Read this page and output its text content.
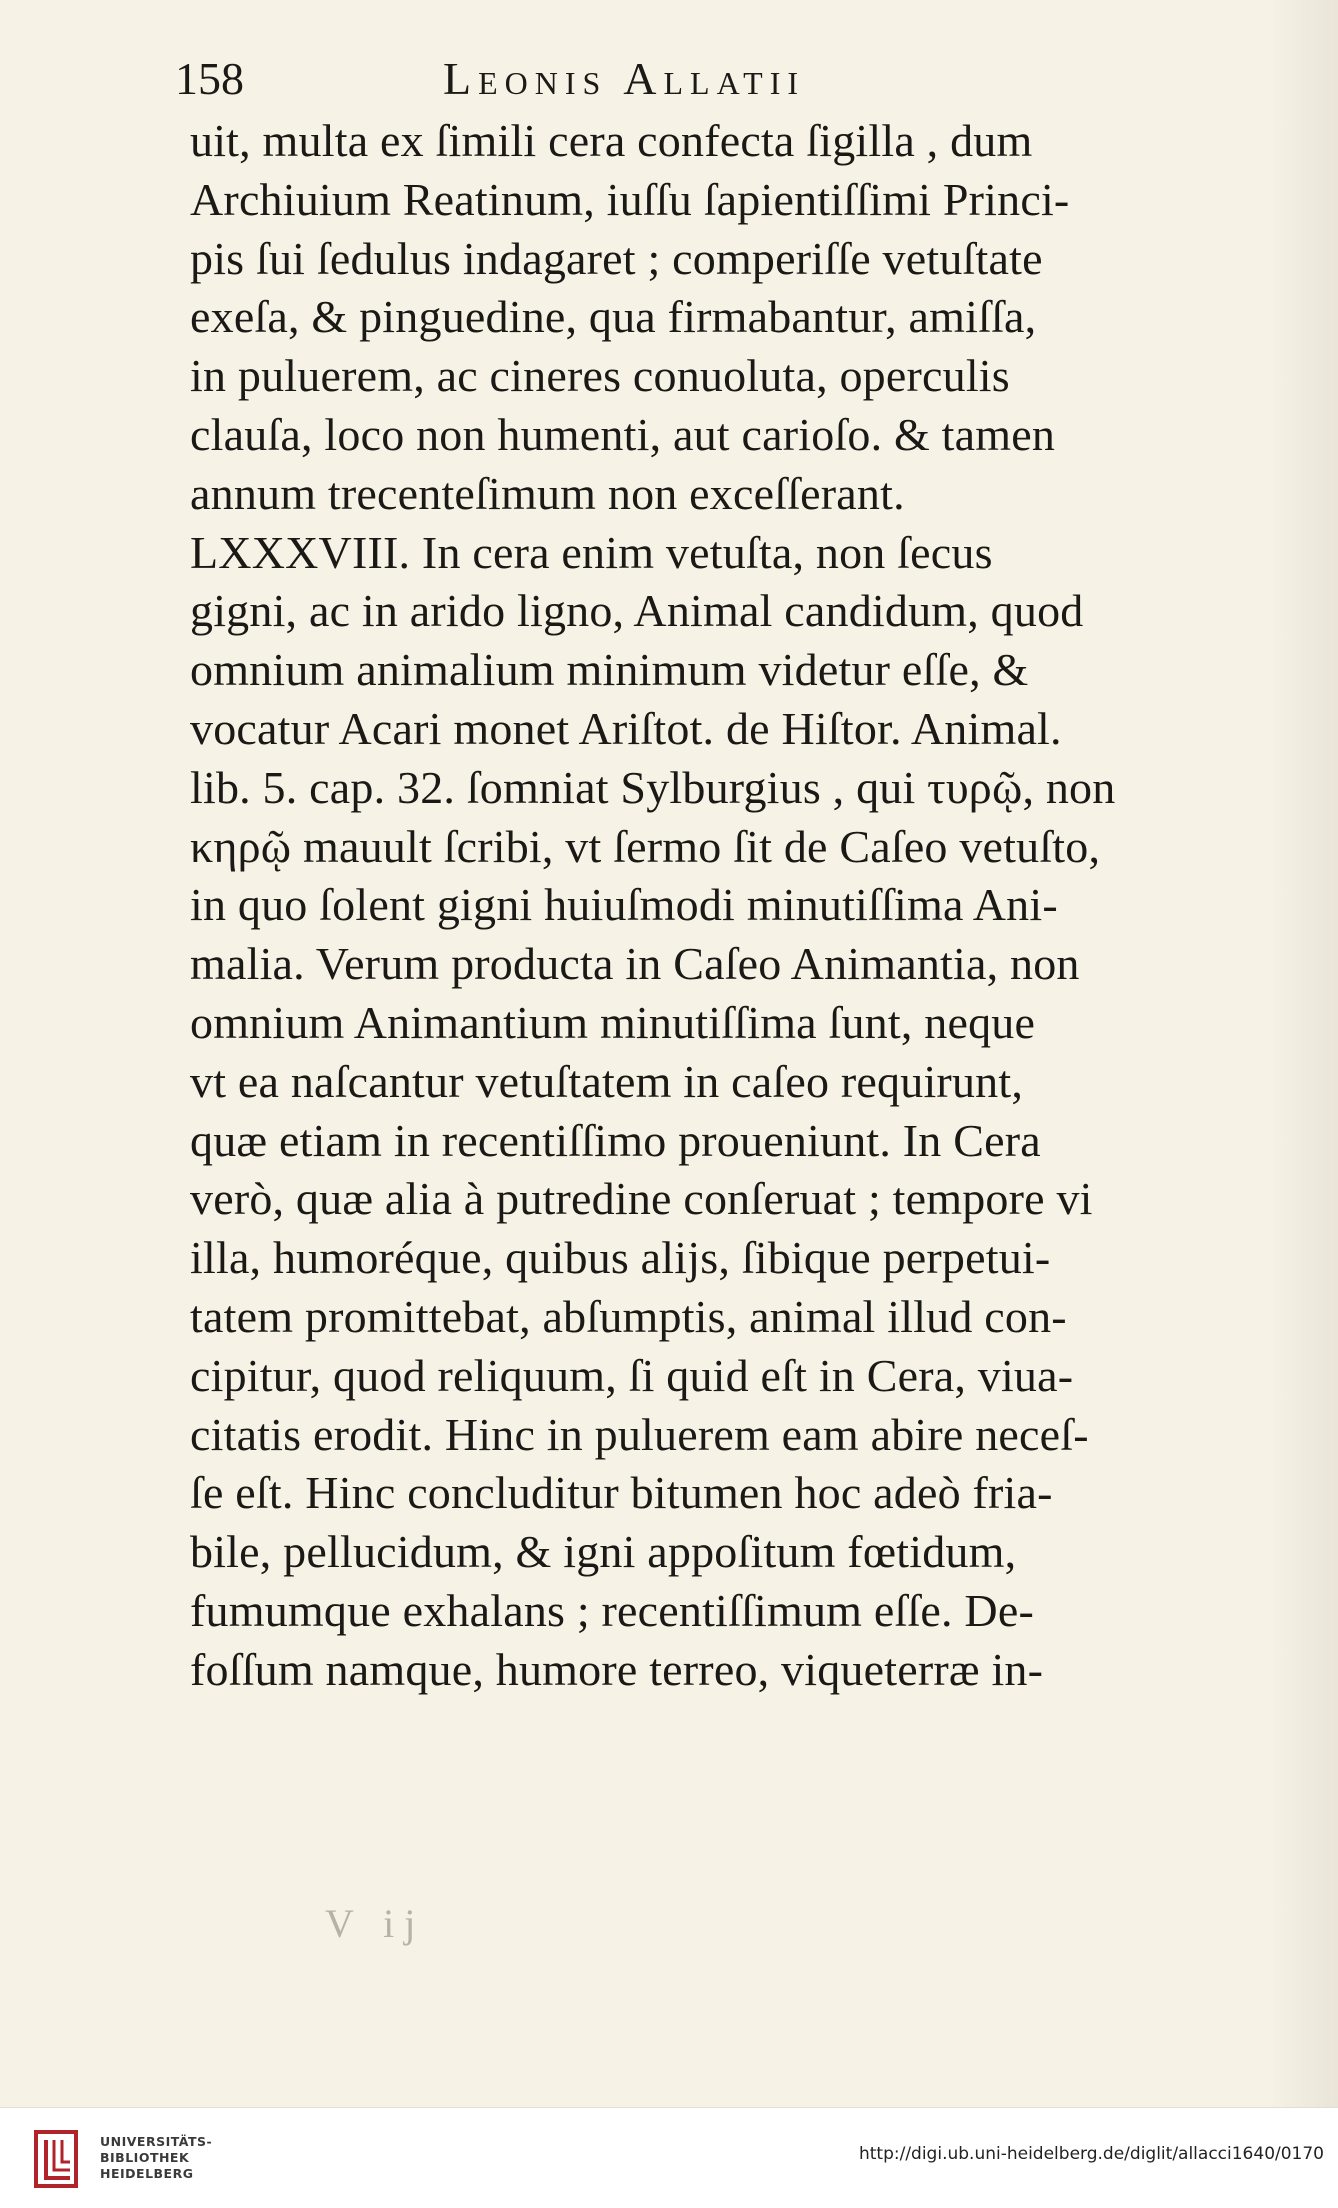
158	Leonis Allatii
uit, multa ex ſimili cera confecta ſigilla , dum
Archiuium Reatinum, iuſſu ſapientiſſimi Princi-
pis ſui ſedulus indagaret ; comperiſſe vetuſtate
exeſa, & pinguedine, qua firmabantur, amiſſa,
in puluerem, ac cineres conuoluta, operculis
clauſa, loco non humenti, aut carioſo. & tamen
annum trecenteſimum non exceſſerant.
LXXXVIII. In cera enim vetuſta, non ſecus
gigni, ac in arido ligno, Animal candidum, quod
omnium animalium minimum videtur eſſe, &
vocatur Acari monet Ariſtot. de Hiſtor. Animal.
lib. 5. cap. 32. ſomniat Sylburgius , qui τυρῷ, non
κηρῷ mauult ſcribi, vt ſermo ſit de Caſeo vetuſto,
in quo ſolent gigni huiuſmodi minutiſſima Ani-
malia. Verum producta in Caſeo Animantia, non
omnium Animantium minutiſſima ſunt, neque
vt ea naſcantur vetuſtatem in caſeo requirunt,
quæ etiam in recentiſſimo proueniunt. In Cera
verò, quæ alia à putredine conſeruat ; tempore vi
illa, humoréque, quibus alijs, ſibique perpetui-
tatem promittebat, abſumptis, animal illud con-
cipitur, quod reliquum, ſi quid eſt in Cera, viua-
citatis erodit. Hinc in puluerem eam abire neceſ-
ſe eſt. Hinc concluditur bitumen hoc adeò fria-
bile, pellucidum, & igni appoſitum fœtidum,
fumumque exhalans ; recentiſſimum eſſe. De-
foſſum namque, humore terreo, viqueterræ in-
V ij
UNIVERSITÄTS-
BIBLIOTHEK
HEIDELBERG
http://digi.ub.uni-heidelberg.de/diglit/allacci1640/0170
